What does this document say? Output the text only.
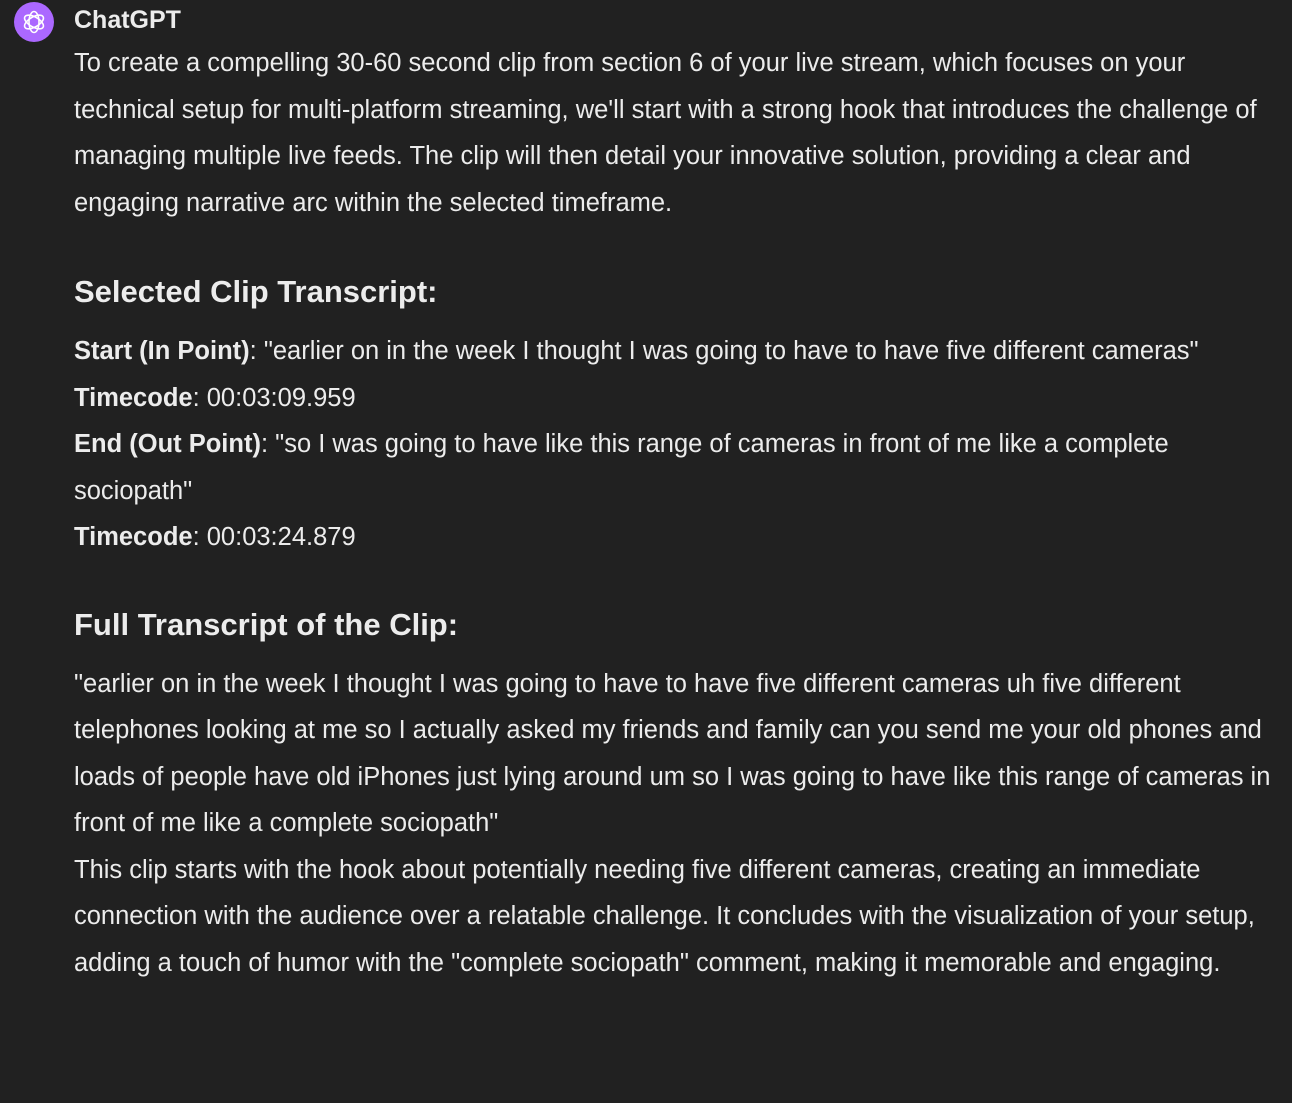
ChatGPT

To create a compelling 30-60 second clip from section 6 of your live stream, which focuses on your technical setup for multi-platform streaming, we'll start with a strong hook that introduces the challenge of managing multiple live feeds. The clip will then detail your innovative solution, providing a clear and engaging narrative arc within the selected timeframe.

Selected Clip Transcript:

Start (In Point): "earlier on in the week I thought I was going to have to have five different cameras"

Timecode: 00:03:09.959

End (Out Point): "so I was going to have like this range of cameras in front of me like a complete sociopath"

Timecode: 00:03:24.879

Full Transcript of the Clip:

"earlier on in the week I thought I was going to have to have five different cameras uh five different telephones looking at me so I actually asked my friends and family can you send me your old phones and loads of people have old iPhones just lying around um so I was going to have like this range of cameras in front of me like a complete sociopath"

This clip starts with the hook about potentially needing five different cameras, creating an immediate connection with the audience over a relatable challenge. It concludes with the visualization of your setup, adding a touch of humor with the "complete sociopath" comment, making it memorable and engaging.
